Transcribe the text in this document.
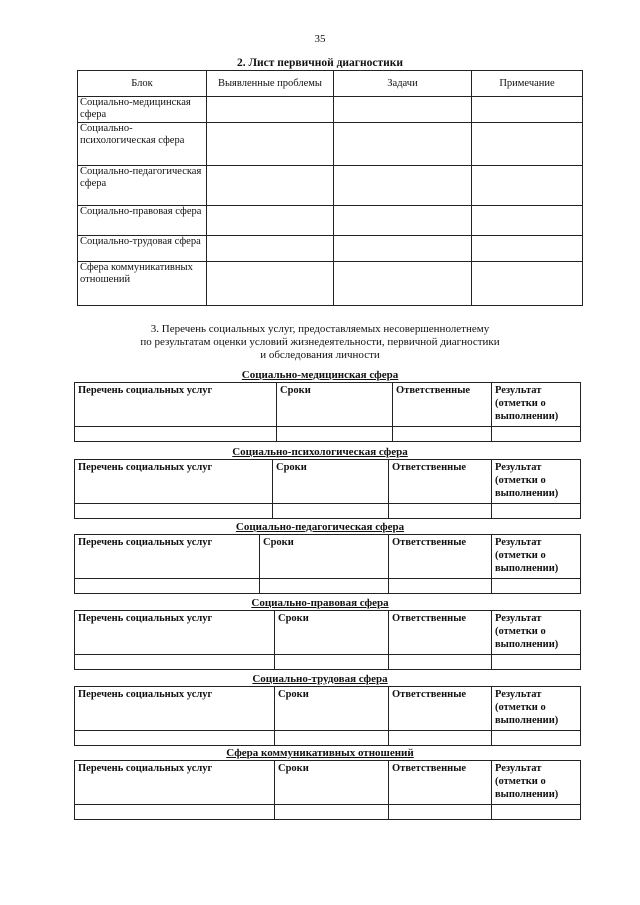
35
2. Лист первичной диагностики
Блок	Выявленные проблемы	Задачи	Примечание
Социально-медицинская сфера			
Социально-психологическая сфера			
Социально-педагогическая сфера			
Социально-правовая сфера			
Социально-трудовая сфера			
Сфера коммуникативных отношений			
3. Перечень социальных услуг, предоставляемых несовершеннолетнему
по результатам оценки условий жизнедеятельности, первичной диагностики
и обследования личности
Социально-медицинская сфера
Перечень социальных услуг	Сроки	Ответственные	Результат (отметки о выполнении)

Социально-психологическая сфера
Перечень социальных услуг	Сроки	Ответственные	Результат (отметки о выполнении)

Социально-педагогическая сфера
Перечень социальных услуг	Сроки	Ответственные	Результат (отметки о выполнении)

Социально-правовая сфера
Перечень социальных услуг	Сроки	Ответственные	Результат (отметки о выполнении)

Социально-трудовая сфера
Перечень социальных услуг	Сроки	Ответственные	Результат (отметки о выполнении)

Сфера коммуникативных отношений
Перечень социальных услуг	Сроки	Ответственные	Результат (отметки о выполнении)
